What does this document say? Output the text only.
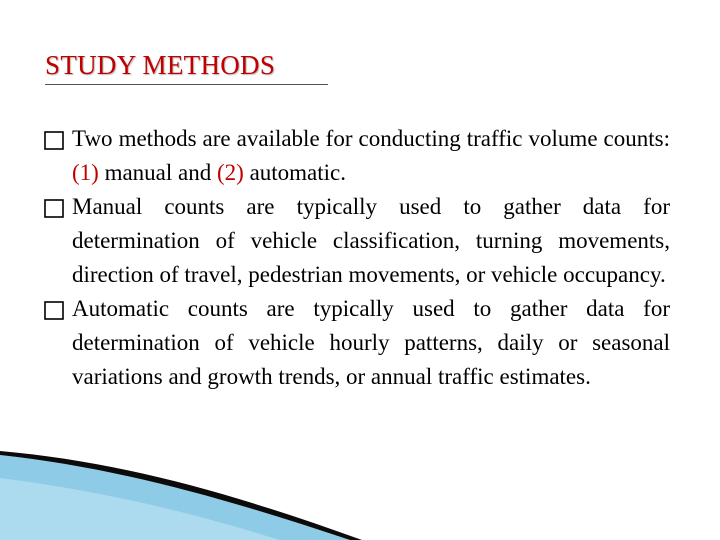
STUDY METHODS
Two methods are available for conducting traffic volume counts: (1) manual and (2) automatic.
Manual counts are typically used to gather data for determination of vehicle classification, turning movements, direction of travel, pedestrian movements, or vehicle occupancy.
Automatic counts are typically used to gather data for determination of vehicle hourly patterns, daily or seasonal variations and growth trends, or annual traffic estimates.
